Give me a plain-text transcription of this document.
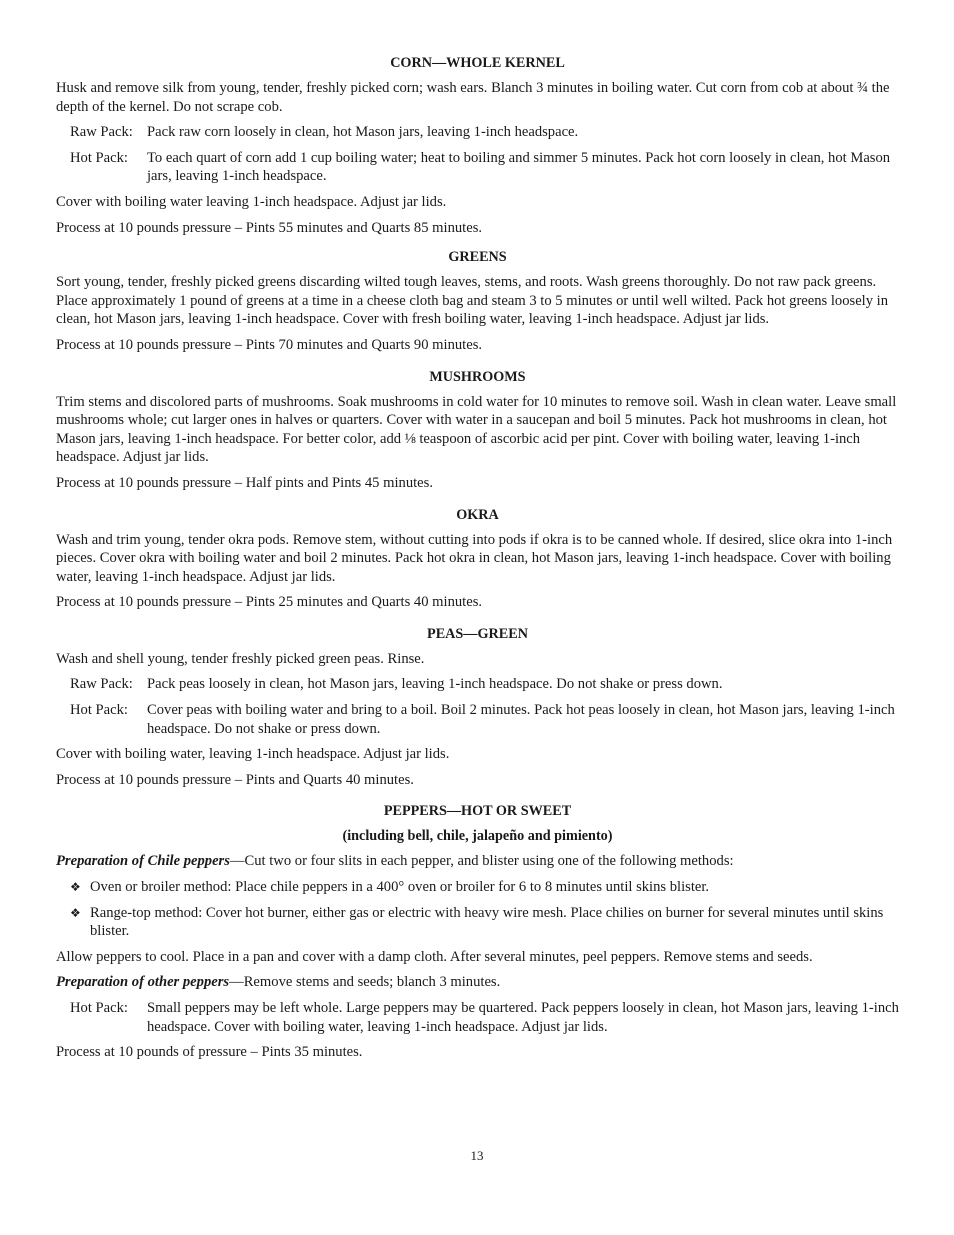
CORN—WHOLE KERNEL

Husk and remove silk from young, tender, freshly picked corn; wash ears. Blanch 3 minutes in boiling water. Cut corn from cob at about ¾ the depth of the kernel. Do not scrape cob.

Raw Pack: Pack raw corn loosely in clean, hot Mason jars, leaving 1-inch headspace.
Hot Pack:	To each quart of corn add 1 cup boiling water; heat to boiling and simmer 5 minutes. Pack hot corn loosely in clean, hot Mason jars, leaving 1-inch headspace.

Cover with boiling water leaving 1-inch headspace. Adjust jar lids.

Process at 10 pounds pressure – Pints 55 minutes and Quarts 85 minutes.

GREENS

Sort young, tender, freshly picked greens discarding wilted tough leaves, stems, and roots. Wash greens thoroughly. Do not raw pack greens. Place approximately 1 pound of greens at a time in a cheese cloth bag and steam 3 to 5 minutes or until well wilted. Pack hot greens loosely in clean, hot Mason jars, leaving 1-inch headspace. Cover with fresh boiling water, leaving 1-inch headspace. Adjust jar lids.

Process at 10 pounds pressure – Pints 70 minutes and Quarts 90 minutes.

MUSHROOMS

Trim stems and discolored parts of mushrooms. Soak mushrooms in cold water for 10 minutes to remove soil. Wash in clean water. Leave small mushrooms whole; cut larger ones in halves or quarters. Cover with water in a saucepan and boil 5 minutes. Pack hot mushrooms in clean, hot Mason jars, leaving 1-inch headspace. For better color, add ⅛ teaspoon of ascorbic acid per pint. Cover with boiling water, leaving 1-inch headspace. Adjust jar lids.

Process at 10 pounds pressure – Half pints and Pints 45 minutes.

OKRA

Wash and trim young, tender okra pods. Remove stem, without cutting into pods if okra is to be canned whole. If desired, slice okra into 1-inch pieces. Cover okra with boiling water and boil 2 minutes. Pack hot okra in clean, hot Mason jars, leaving 1-inch headspace. Cover with boiling water, leaving 1-inch headspace. Adjust jar lids.

Process at 10 pounds pressure – Pints 25 minutes and Quarts 40 minutes.

PEAS—GREEN

Wash and shell young, tender freshly picked green peas. Rinse.

Raw Pack: Pack peas loosely in clean, hot Mason jars, leaving 1-inch headspace. Do not shake or press down.
Hot Pack:	Cover peas with boiling water and bring to a boil. Boil 2 minutes. Pack hot peas loosely in clean, hot Mason jars, leaving 1-inch headspace. Do not shake or press down.

Cover with boiling water, leaving 1-inch headspace. Adjust jar lids.

Process at 10 pounds pressure – Pints and Quarts 40 minutes.

PEPPERS—HOT OR SWEET
(including bell, chile, jalapeño and pimiento)

Preparation of Chile peppers—Cut two or four slits in each pepper, and blister using one of the following methods:

❖ Oven or broiler method: Place chile peppers in a 400° oven or broiler for 6 to 8 minutes until skins blister.
❖ Range-top method: Cover hot burner, either gas or electric with heavy wire mesh. Place chilies on burner for several minutes until skins blister.

Allow peppers to cool. Place in a pan and cover with a damp cloth. After several minutes, peel peppers. Remove stems and seeds.

Preparation of other peppers—Remove stems and seeds; blanch 3 minutes.

Hot Pack:	Small peppers may be left whole. Large peppers may be quartered. Pack peppers loosely in clean, hot Mason jars, leaving 1-inch headspace. Cover with boiling water, leaving 1-inch headspace. Adjust jar lids.

Process at 10 pounds of pressure – Pints 35 minutes.

13
